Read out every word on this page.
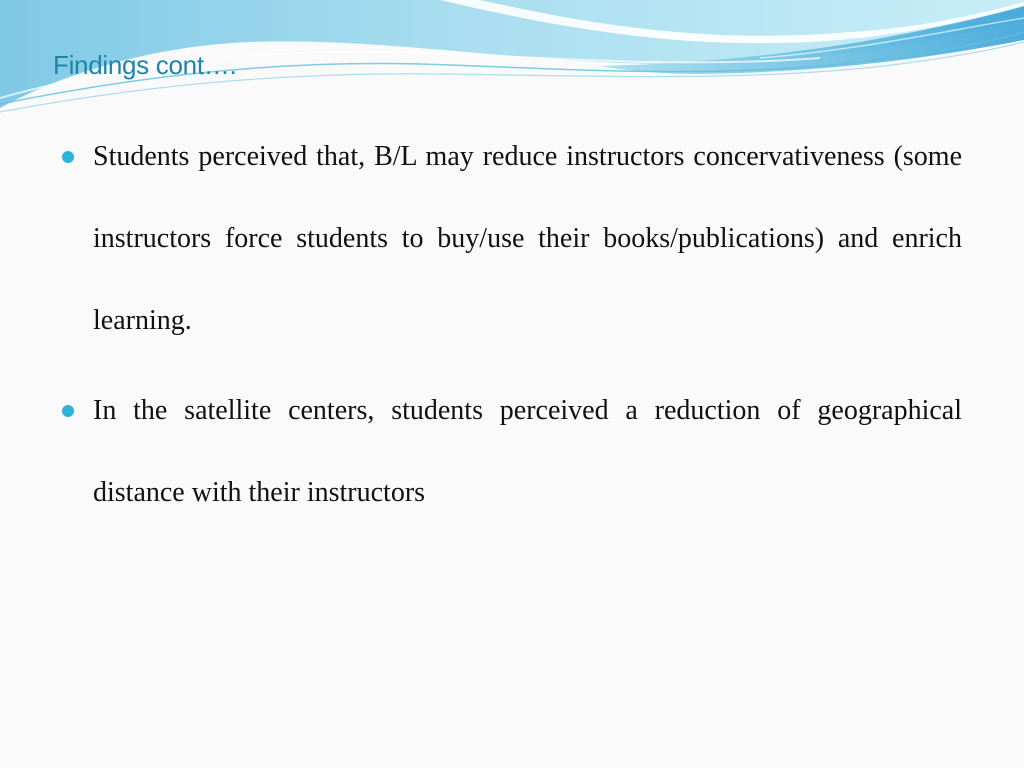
Findings cont….
Students perceived that, B/L may reduce instructors concervativeness (some instructors force students to buy/use their books/publications) and enrich learning.
In the satellite centers, students perceived a reduction of geographical distance with their instructors
